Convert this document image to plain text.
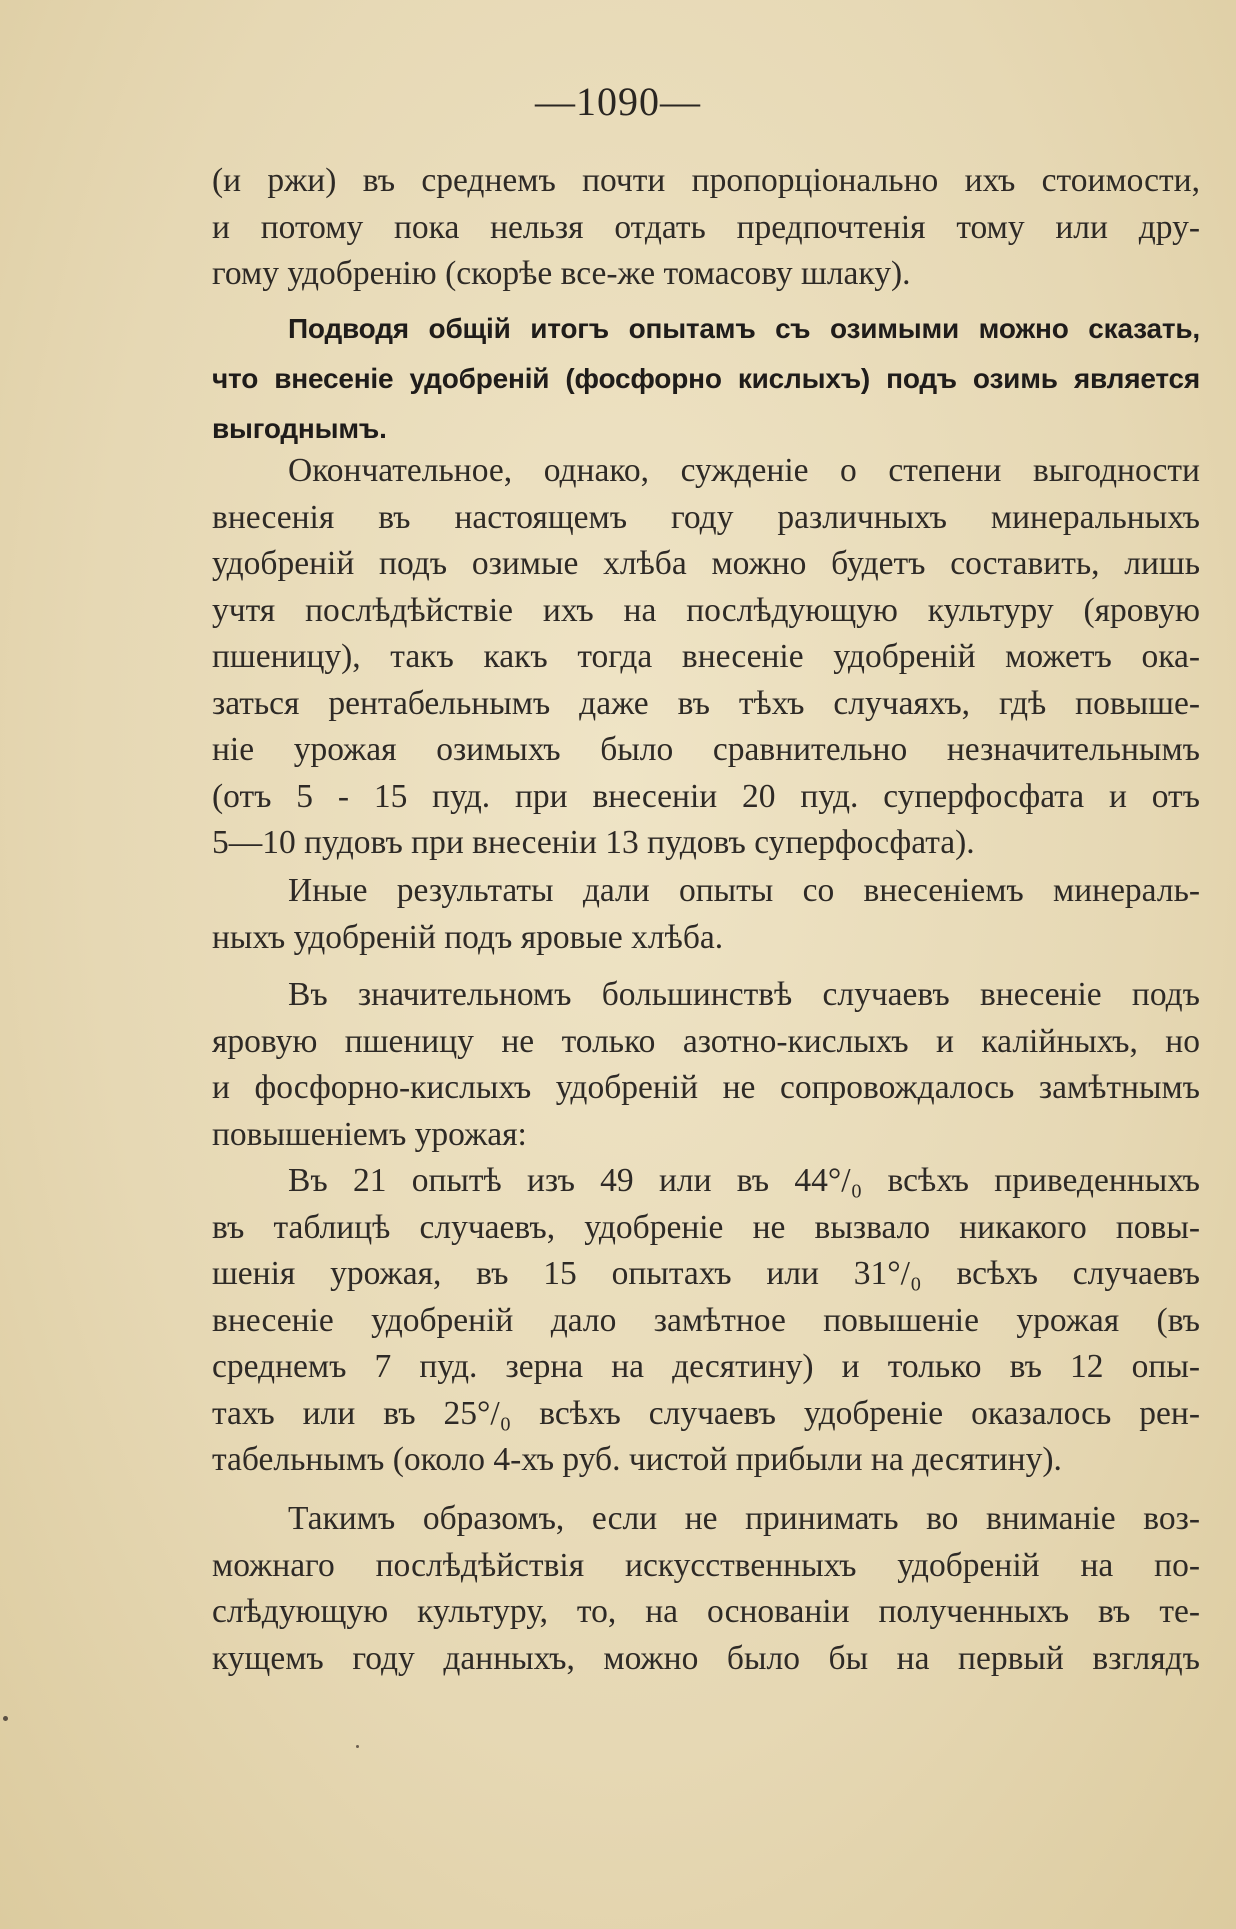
—1090—

(и ржи) въ среднемъ почти пропорціонально ихъ стоимости,

и потому пока нельзя отдать предпочтенія тому или дру-

гому удобренію (скорѣе все-же томасову шлаку).

Подводя общій итогъ опытамъ съ озимыми можно сказать,

что внесеніе удобреній (фосфорно кислыхъ) подъ озимь является

выгоднымъ.

Окончательное, однако, сужденіе о степени выгодности

внесенія въ настоящемъ году различныхъ минеральныхъ

удобреній подъ озимые хлѣба можно будетъ составить, лишь

учтя послѣдѣйствіе ихъ на послѣдующую культуру (яровую

пшеницу), такъ какъ тогда внесеніе удобреній можетъ ока-

заться рентабельнымъ даже въ тѣхъ случаяхъ, гдѣ повыше-

ніе урожая озимыхъ было сравнительно незначительнымъ

(отъ 5 - 15 пуд. при внесеніи 20 пуд. суперфосфата и отъ

5—10 пудовъ при внесеніи 13 пудовъ суперфосфата).

Иные результаты дали опыты со внесеніемъ минераль-

ныхъ удобреній подъ яровые хлѣба.

Въ значительномъ большинствѣ случаевъ внесеніе подъ

яровую пшеницу не только азотно-кислыхъ и калійныхъ, но

и фосфорно-кислыхъ удобреній не сопровождалось замѣтнымъ

повышеніемъ урожая:

Въ 21 опытѣ изъ 49 или въ 44°/₀ всѣхъ приведенныхъ

въ таблицѣ случаевъ, удобреніе не вызвало никакого повы-

шенія урожая, въ 15 опытахъ или 31°/₀ всѣхъ случаевъ

внесеніе удобреній дало замѣтное повышеніе урожая (въ

среднемъ 7 пуд. зерна на десятину) и только въ 12 опы-

тахъ или въ 25°/₀ всѣхъ случаевъ удобреніе оказалось рен-

табельнымъ (около 4-хъ руб. чистой прибыли на десятину).

Такимъ образомъ, если не принимать во вниманіе воз-

можнаго послѣдѣйствія искусственныхъ удобреній на по-

слѣдующую культуру, то, на основаніи полученныхъ въ те-

кущемъ году данныхъ, можно было бы на первый взглядъ
